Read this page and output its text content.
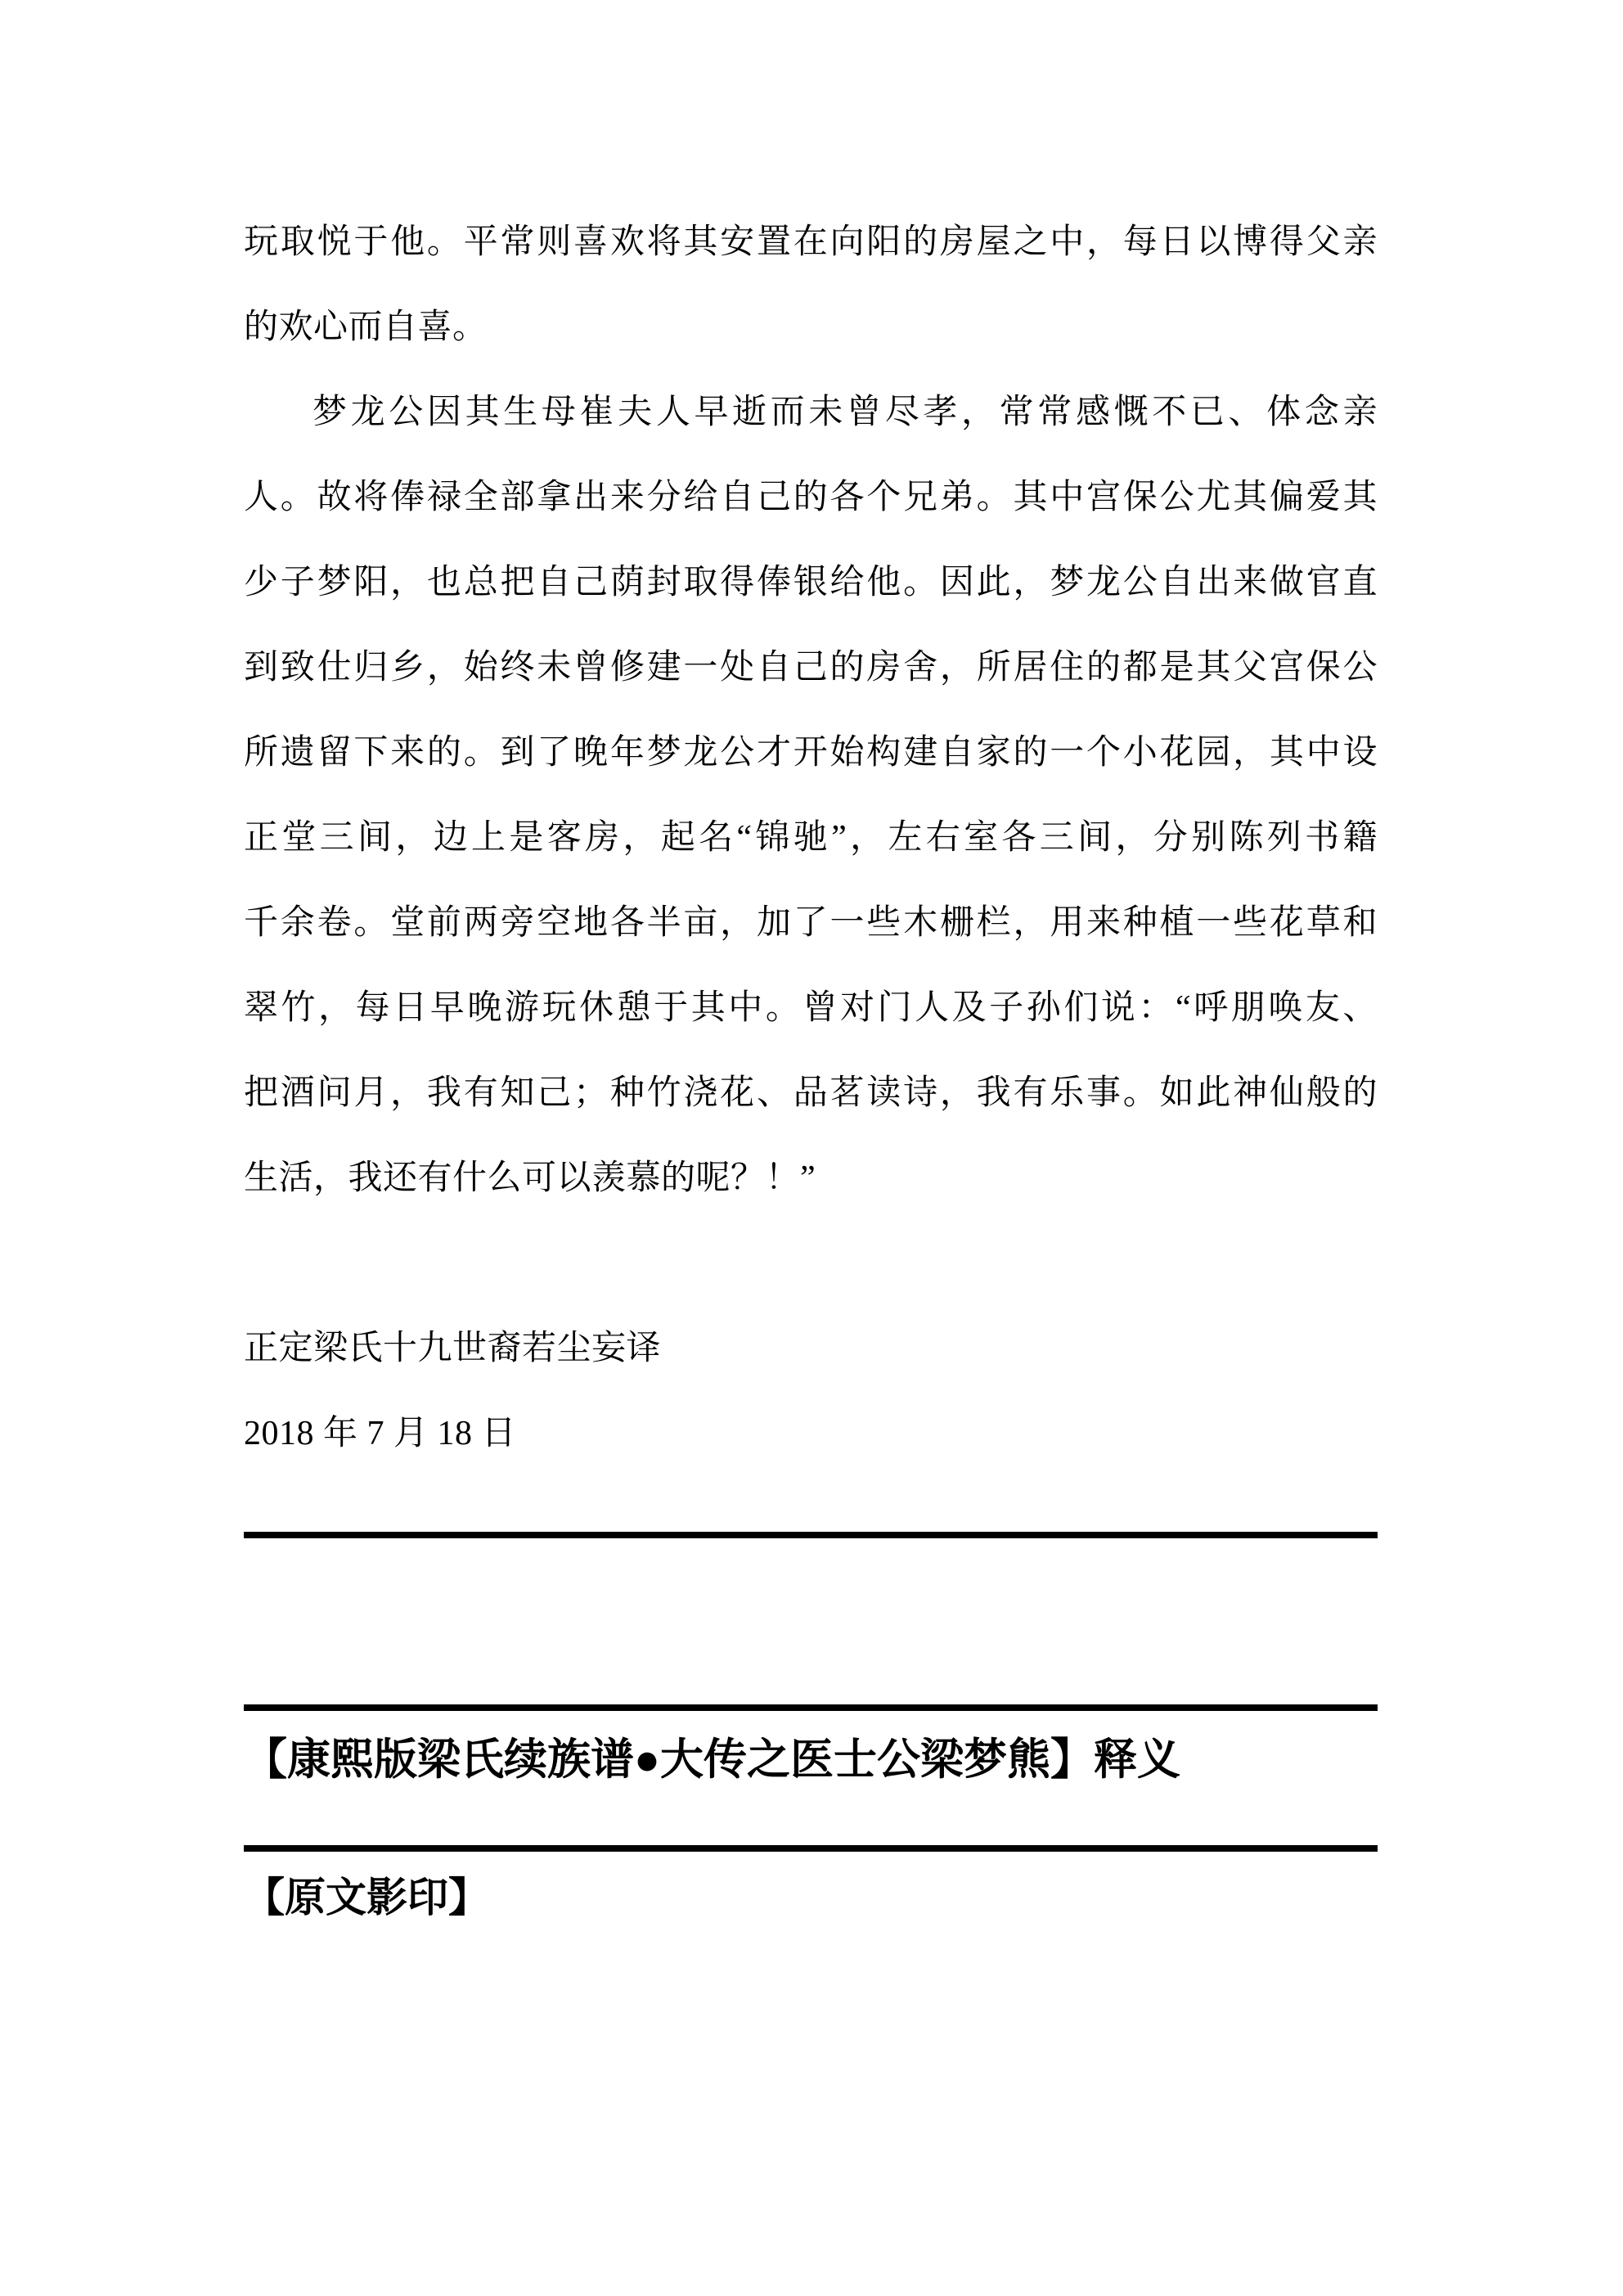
玩取悦于他。平常则喜欢将其安置在向阳的房屋之中，每日以博得父亲
的欢心而自喜。
梦龙公因其生母崔夫人早逝而未曾尽孝，常常感慨不已、体念亲
人。故将俸禄全部拿出来分给自己的各个兄弟。其中宫保公尤其偏爱其
少子梦阳，也总把自己荫封取得俸银给他。因此，梦龙公自出来做官直
到致仕归乡，始终未曾修建一处自己的房舍，所居住的都是其父宫保公
所遗留下来的。到了晚年梦龙公才开始构建自家的一个小花园，其中设
正堂三间，边上是客房，起名“锦驰”，左右室各三间，分别陈列书籍
千余卷。堂前两旁空地各半亩，加了一些木栅栏，用来种植一些花草和
翠竹，每日早晚游玩休憩于其中。曾对门人及子孙们说：“呼朋唤友、
把酒问月，我有知己；种竹浇花、品茗读诗，我有乐事。如此神仙般的
生活，我还有什么可以羡慕的呢？！”
正定梁氏十九世裔若尘妄译
2018 年 7 月 18 日
【康熙版梁氏续族谱●大传之医士公梁梦熊】释义
【原文影印】
